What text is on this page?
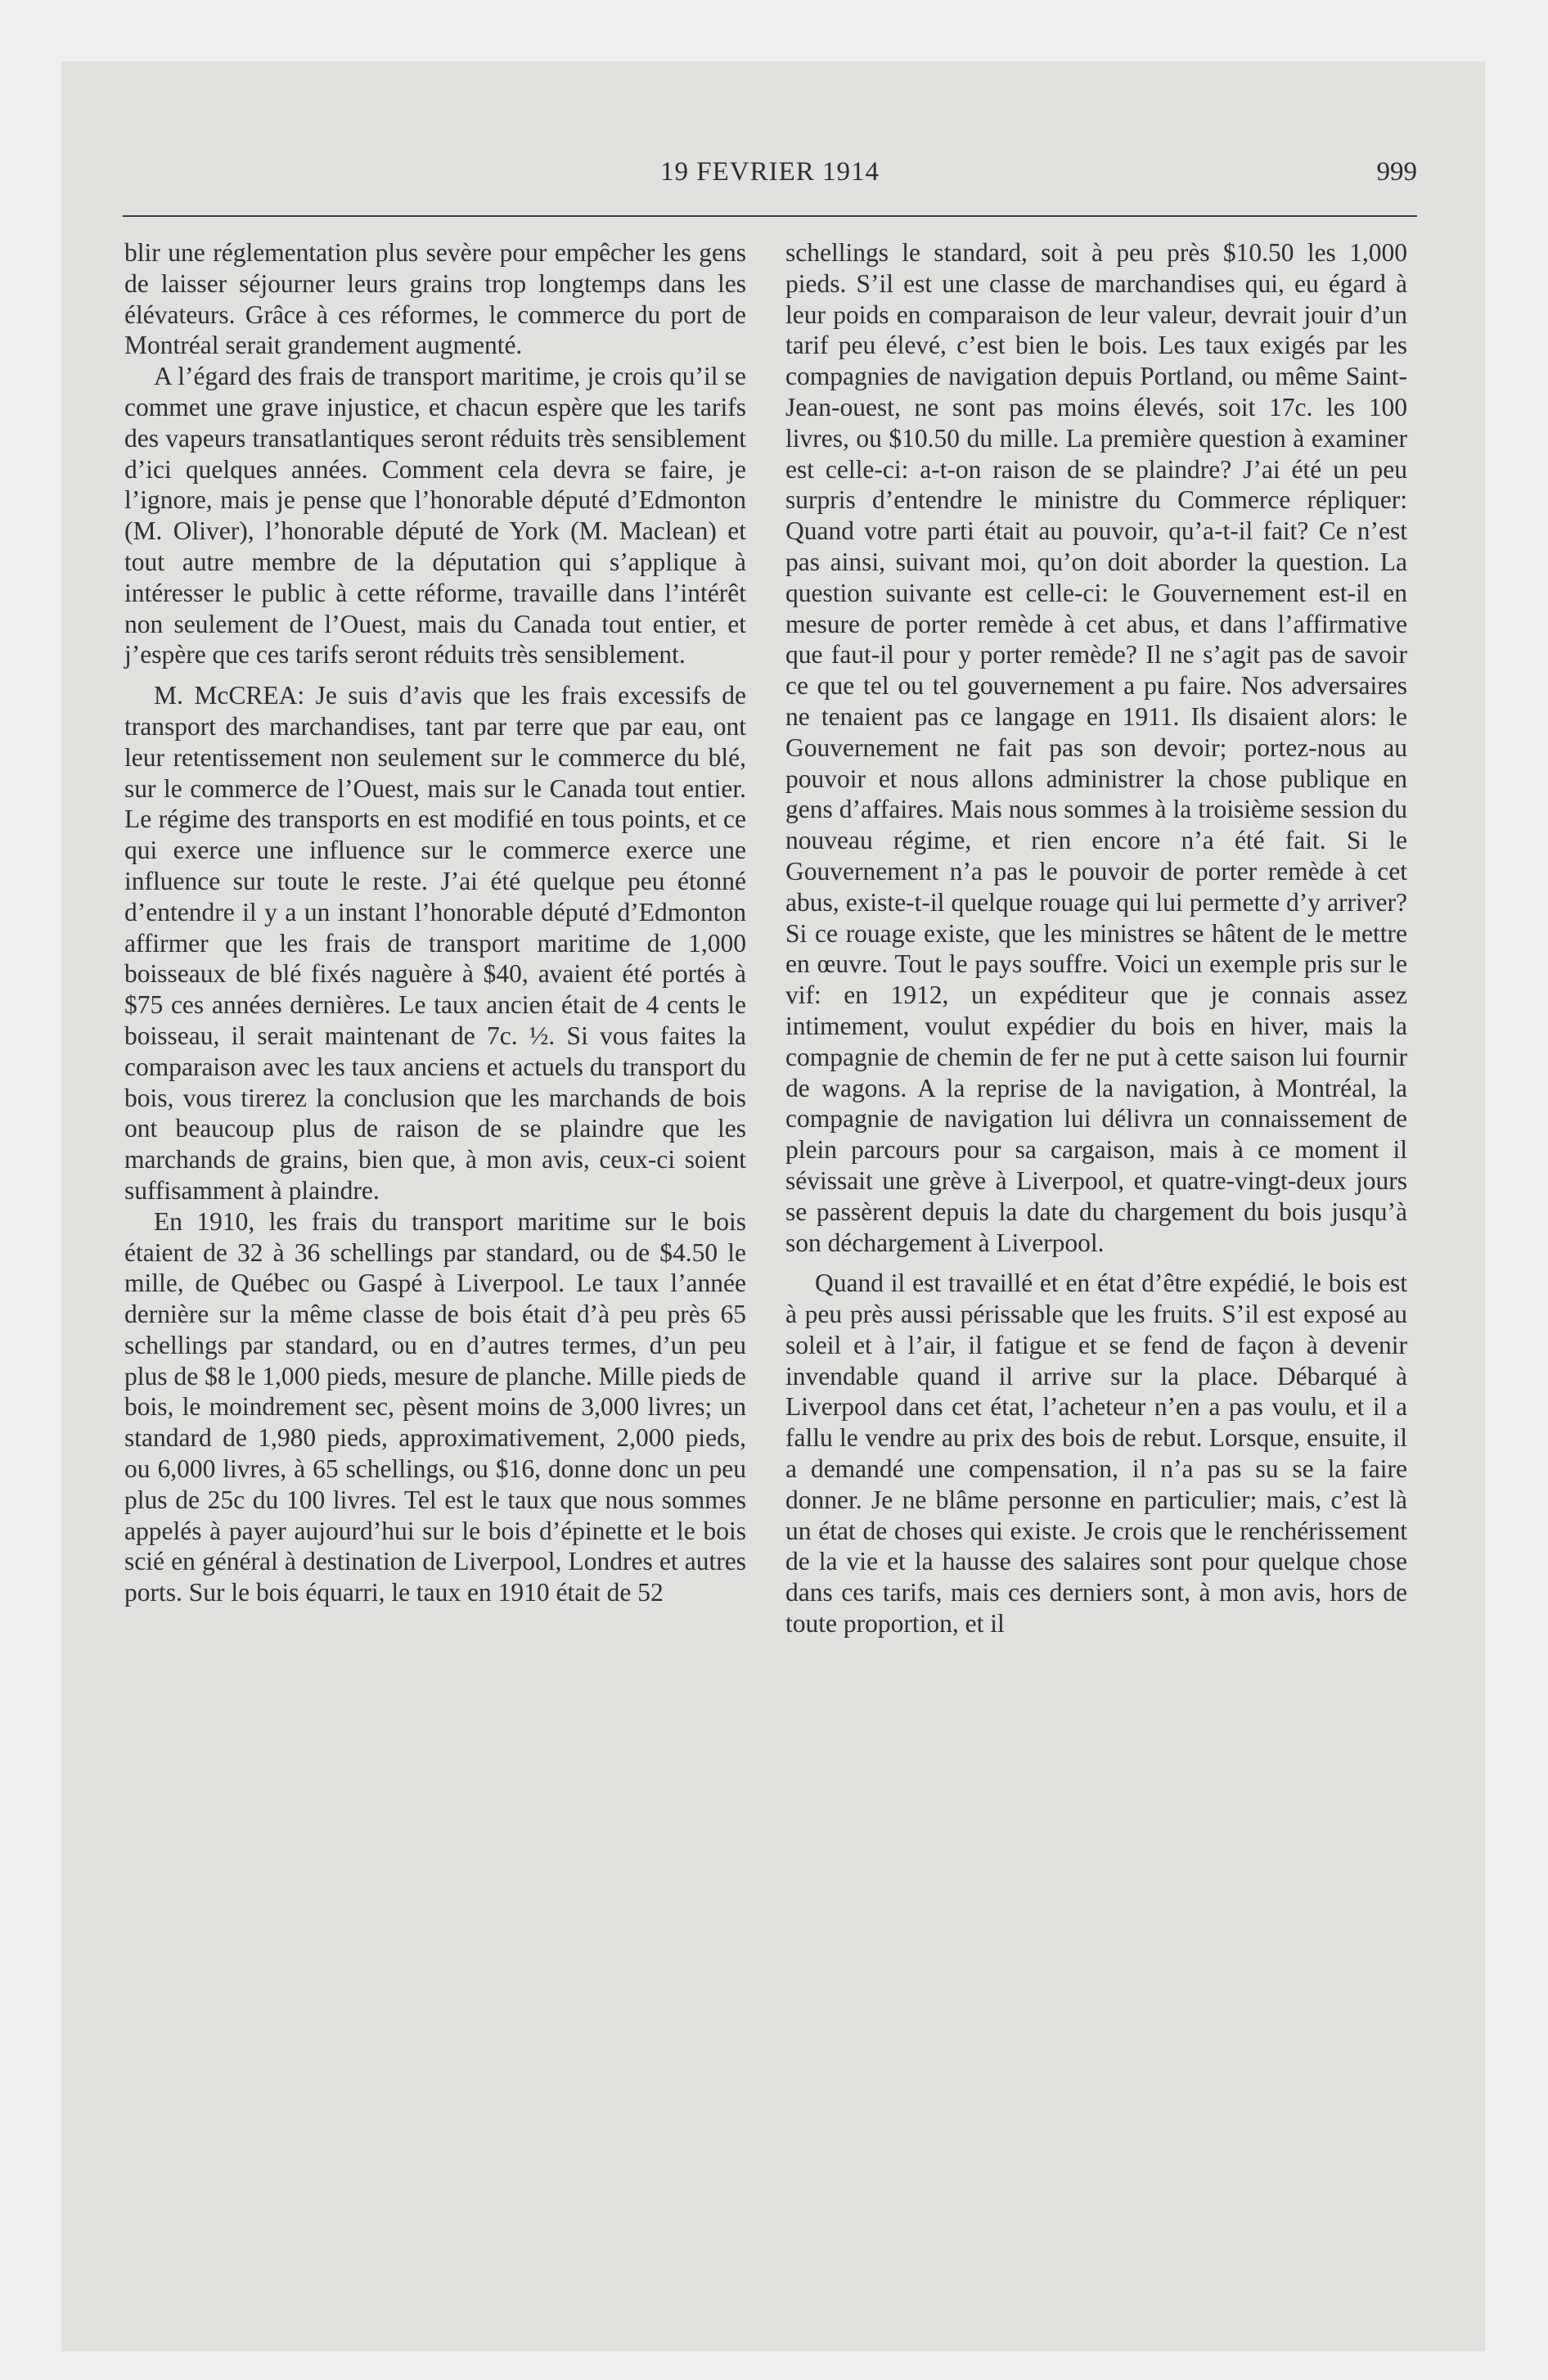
19 FEVRIER 1914	999

blir une réglementation plus sevère pour empêcher les gens de laisser séjourner leurs grains trop longtemps dans les élévateurs. Grâce à ces réformes, le commerce du port de Montréal serait grandement augmenté.

A l’égard des frais de transport maritime, je crois qu’il se commet une grave injustice, et chacun espère que les tarifs des vapeurs transatlantiques seront réduits très sensiblement d’ici quelques années. Comment cela devra se faire, je l’ignore, mais je pense que l’honorable député d’Edmonton (M. Oliver), l’honorable député de York (M. Maclean) et tout autre membre de la députation qui s’applique à intéresser le public à cette réforme, travaille dans l’intérêt non seulement de l’Ouest, mais du Canada tout entier, et j’espère que ces tarifs seront réduits très sensiblement.

M. McCREA: Je suis d’avis que les frais excessifs de transport des marchandises, tant par terre que par eau, ont leur retentissement non seulement sur le commerce du blé, sur le commerce de l’Ouest, mais sur le Canada tout entier. Le régime des transports en est modifié en tous points, et ce qui exerce une influence sur le commerce exerce une influence sur toute le reste. J’ai été quelque peu étonné d’entendre il y a un instant l’honorable député d’Edmonton affirmer que les frais de transport maritime de 1,000 boisseaux de blé fixés naguère à $40, avaient été portés à $75 ces années dernières. Le taux ancien était de 4 cents le boisseau, il serait maintenant de 7c. ½. Si vous faites la comparaison avec les taux anciens et actuels du transport du bois, vous tirerez la conclusion que les marchands de bois ont beaucoup plus de raison de se plaindre que les marchands de grains, bien que, à mon avis, ceux-ci soient suffisamment à plaindre.

En 1910, les frais du transport maritime sur le bois étaient de 32 à 36 schellings par standard, ou de $4.50 le mille, de Québec ou Gaspé à Liverpool. Le taux l’année dernière sur la même classe de bois était d’à peu près 65 schellings par standard, ou en d’autres termes, d’un peu plus de $8 le 1,000 pieds, mesure de planche. Mille pieds de bois, le moindrement sec, pèsent moins de 3,000 livres; un standard de 1,980 pieds, approximativement, 2,000 pieds, ou 6,000 livres, à 65 schellings, ou $16, donne donc un peu plus de 25c du 100 livres. Tel est le taux que nous sommes appelés à payer aujourd’hui sur le bois d’épinette et le bois scié en général à destination de Liverpool, Londres et autres ports. Sur le bois équarri, le taux en 1910 était de 52

schellings le standard, soit à peu près $10.50 les 1,000 pieds. S’il est une classe de marchandises qui, eu égard à leur poids en comparaison de leur valeur, devrait jouir d’un tarif peu élevé, c’est bien le bois. Les taux exigés par les compagnies de navigation depuis Portland, ou même Saint-Jean-ouest, ne sont pas moins élevés, soit 17c. les 100 livres, ou $10.50 du mille. La première question à examiner est celle-ci: a-t-on raison de se plaindre? J’ai été un peu surpris d’entendre le ministre du Commerce répliquer: Quand votre parti était au pouvoir, qu’a-t-il fait? Ce n’est pas ainsi, suivant moi, qu’on doit aborder la question. La question suivante est celle-ci: le Gouvernement est-il en mesure de porter remède à cet abus, et dans l’affirmative que faut-il pour y porter remède? Il ne s’agit pas de savoir ce que tel ou tel gouvernement a pu faire. Nos adversaires ne tenaient pas ce langage en 1911. Ils disaient alors: le Gouvernement ne fait pas son devoir; portez-nous au pouvoir et nous allons administrer la chose publique en gens d’affaires. Mais nous sommes à la troisième session du nouveau régime, et rien encore n’a été fait. Si le Gouvernement n’a pas le pouvoir de porter remède à cet abus, existe-t-il quelque rouage qui lui permette d’y arriver? Si ce rouage existe, que les ministres se hâtent de le mettre en œuvre. Tout le pays souffre. Voici un exemple pris sur le vif: en 1912, un expéditeur que je connais assez intimement, voulut expédier du bois en hiver, mais la compagnie de chemin de fer ne put à cette saison lui fournir de wagons. A la reprise de la navigation, à Montréal, la compagnie de navigation lui délivra un connaissement de plein parcours pour sa cargaison, mais à ce moment il sévissait une grève à Liverpool, et quatre-vingt-deux jours se passèrent depuis la date du chargement du bois jusqu’à son déchargement à Liverpool.

Quand il est travaillé et en état d’être expédié, le bois est à peu près aussi périssable que les fruits. S’il est exposé au soleil et à l’air, il fatigue et se fend de façon à devenir invendable quand il arrive sur la place. Débarqué à Liverpool dans cet état, l’acheteur n’en a pas voulu, et il a fallu le vendre au prix des bois de rebut. Lorsque, ensuite, il a demandé une compensation, il n’a pas su se la faire donner. Je ne blâme personne en particulier; mais, c’est là un état de choses qui existe. Je crois que le renchérissement de la vie et la hausse des salaires sont pour quelque chose dans ces tarifs, mais ces derniers sont, à mon avis, hors de toute proportion, et il
